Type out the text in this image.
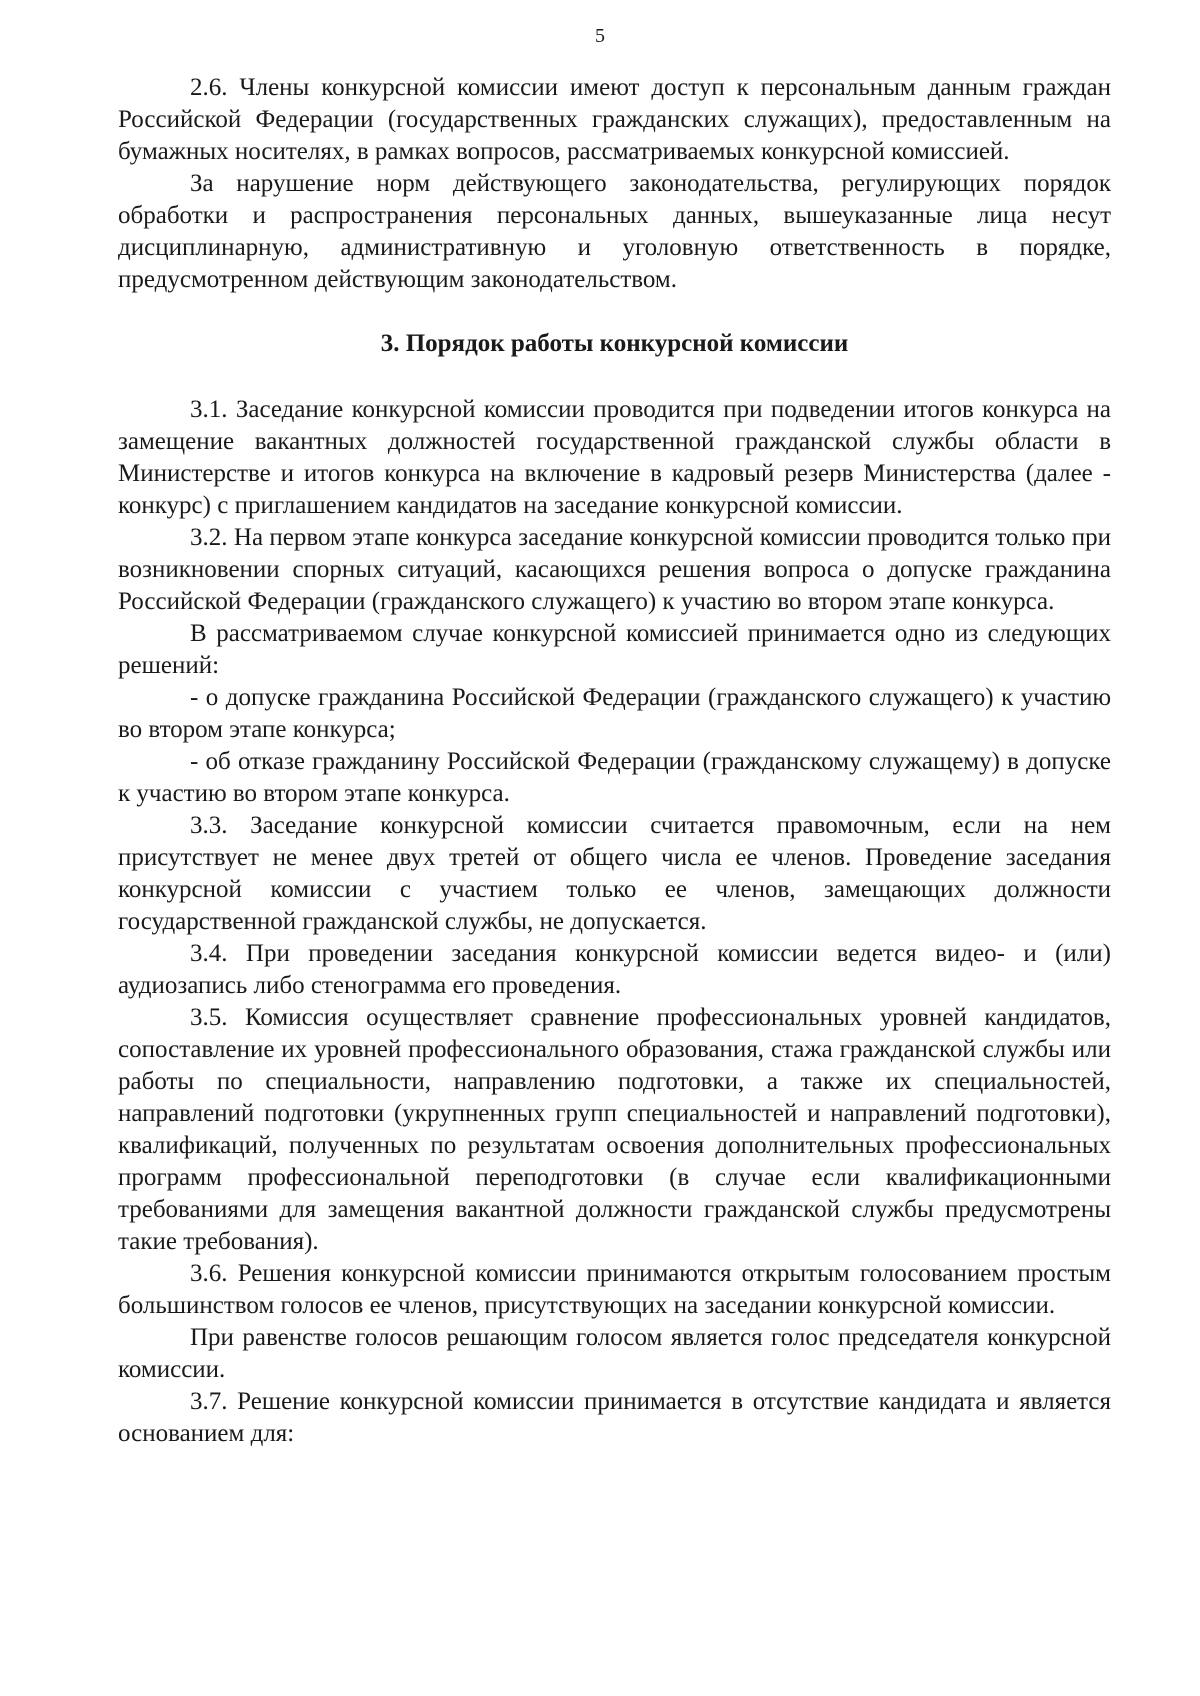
5

2.6. Члены конкурсной комиссии имеют доступ к персональным данным граждан Российской Федерации (государственных гражданских служащих), предоставленным на бумажных носителях, в рамках вопросов, рассматриваемых конкурсной комиссией.

За нарушение норм действующего законодательства, регулирующих порядок обработки и распространения персональных данных, вышеуказанные лица несут дисциплинарную, административную и уголовную ответственность в порядке, предусмотренном действующим законодательством.

3. Порядок работы конкурсной комиссии

3.1. Заседание конкурсной комиссии проводится при подведении итогов конкурса на замещение вакантных должностей государственной гражданской службы области в Министерстве и итогов конкурса на включение в кадровый резерв Министерства (далее - конкурс) с приглашением кандидатов на заседание конкурсной комиссии.

3.2. На первом этапе конкурса заседание конкурсной комиссии проводится только при возникновении спорных ситуаций, касающихся решения вопроса о допуске гражданина Российской Федерации (гражданского служащего) к участию во втором этапе конкурса.

В рассматриваемом случае конкурсной комиссией принимается одно из следующих решений:

- о допуске гражданина Российской Федерации (гражданского служащего) к участию во втором этапе конкурса;

- об отказе гражданину Российской Федерации (гражданскому служащему) в допуске к участию во втором этапе конкурса.

3.3. Заседание конкурсной комиссии считается правомочным, если на нем присутствует не менее двух третей от общего числа ее членов. Проведение заседания конкурсной комиссии с участием только ее членов, замещающих должности государственной гражданской службы, не допускается.

3.4. При проведении заседания конкурсной комиссии ведется видео- и (или) аудиозапись либо стенограмма его проведения.

3.5. Комиссия осуществляет сравнение профессиональных уровней кандидатов, сопоставление их уровней профессионального образования, стажа гражданской службы или работы по специальности, направлению подготовки, а также их специальностей, направлений подготовки (укрупненных групп специальностей и направлений подготовки), квалификаций, полученных по результатам освоения дополнительных профессиональных программ профессиональной переподготовки (в случае если квалификационными требованиями для замещения вакантной должности гражданской службы предусмотрены такие требования).

3.6. Решения конкурсной комиссии принимаются открытым голосованием простым большинством голосов ее членов, присутствующих на заседании конкурсной комиссии.

При равенстве голосов решающим голосом является голос председателя конкурсной комиссии.

3.7. Решение конкурсной комиссии принимается в отсутствие кандидата и является основанием для:
